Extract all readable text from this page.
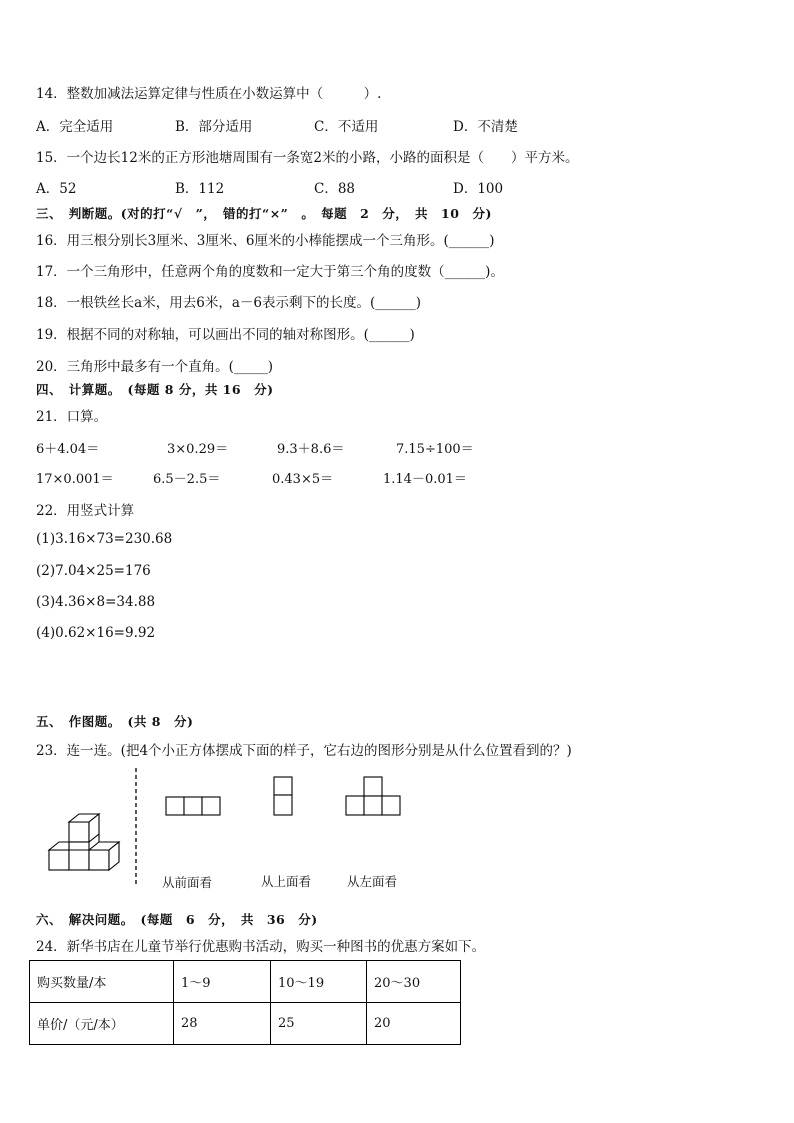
14．整数加减法运算定律与性质在小数运算中（　　　）.
A．完全适用	B．部分适用	C．不适用	D．不清楚
15．一个边长12米的正方形池塘周围有一条宽2米的小路，小路的面积是（　　）平方米。
A．52	B．112	C．88	D．100
三、　判断题。(对的打“√　”，　错的打“×”　。　每题　2　分，　共　10　分)
16．用三根分别长3厘米、3厘米、6厘米的小棒能摆成一个三角形。(______)
17．一个三角形中，任意两个角的度数和一定大于第三个角的度数（______)。
18．一根铁丝长a米，用去6米，a－6表示剩下的长度。(______)
19．根据不同的对称轴，可以画出不同的轴对称图形。(______)
20．三角形中最多有一个直角。(_____)
四、　计算题。　(每题 8 分，共 16　分)
21．口算。
6＋4.04＝	3×0.29＝	9.3＋8.6＝	7.15÷100＝
17×0.001＝	6.5－2.5＝	0.43×5＝	1.14－0.01＝
22．用竖式计算
(1)3.16×73=230.68
(2)7.04×25=176
(3)4.36×8=34.88
(4)0.62×16=9.92
五、　作图题。　(共 8　分)
23．连一连。(把4个小正方体摆成下面的样子，它右边的图形分别是从什么位置看到的？)
从前面看	从上面看	从左面看
六、　解决问题。　(每题　6　分，　共　36　分)
24．新华书店在儿童节举行优惠购书活动，购买一种图书的优惠方案如下。
购买数量/本	1～9	10～19	20～30
单价/（元/本）	28	25	20
